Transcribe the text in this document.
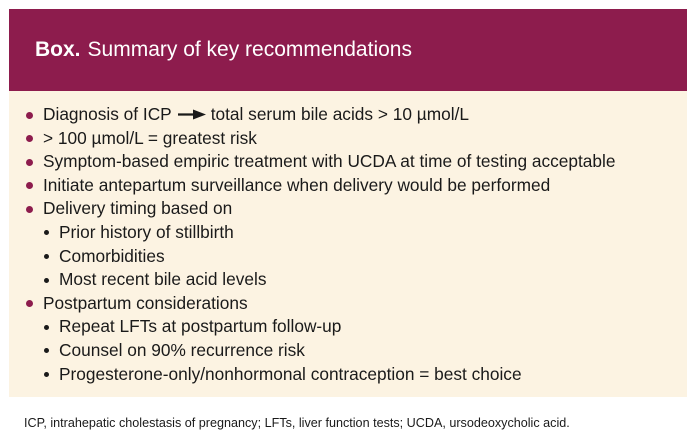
Box. Summary of key recommendations
Diagnosis of ICP total serum bile acids > 10 µmol/L
> 100 µmol/L = greatest risk
Symptom-based empiric treatment with UCDA at time of testing acceptable
Initiate antepartum surveillance when delivery would be performed
Delivery timing based on
Prior history of stillbirth
Comorbidities
Most recent bile acid levels
Postpartum considerations
Repeat LFTs at postpartum follow-up
Counsel on 90% recurrence risk
Progesterone-only/nonhormonal contraception = best choice
ICP, intrahepatic cholestasis of pregnancy; LFTs, liver function tests; UCDA, ursodeoxycholic acid.
